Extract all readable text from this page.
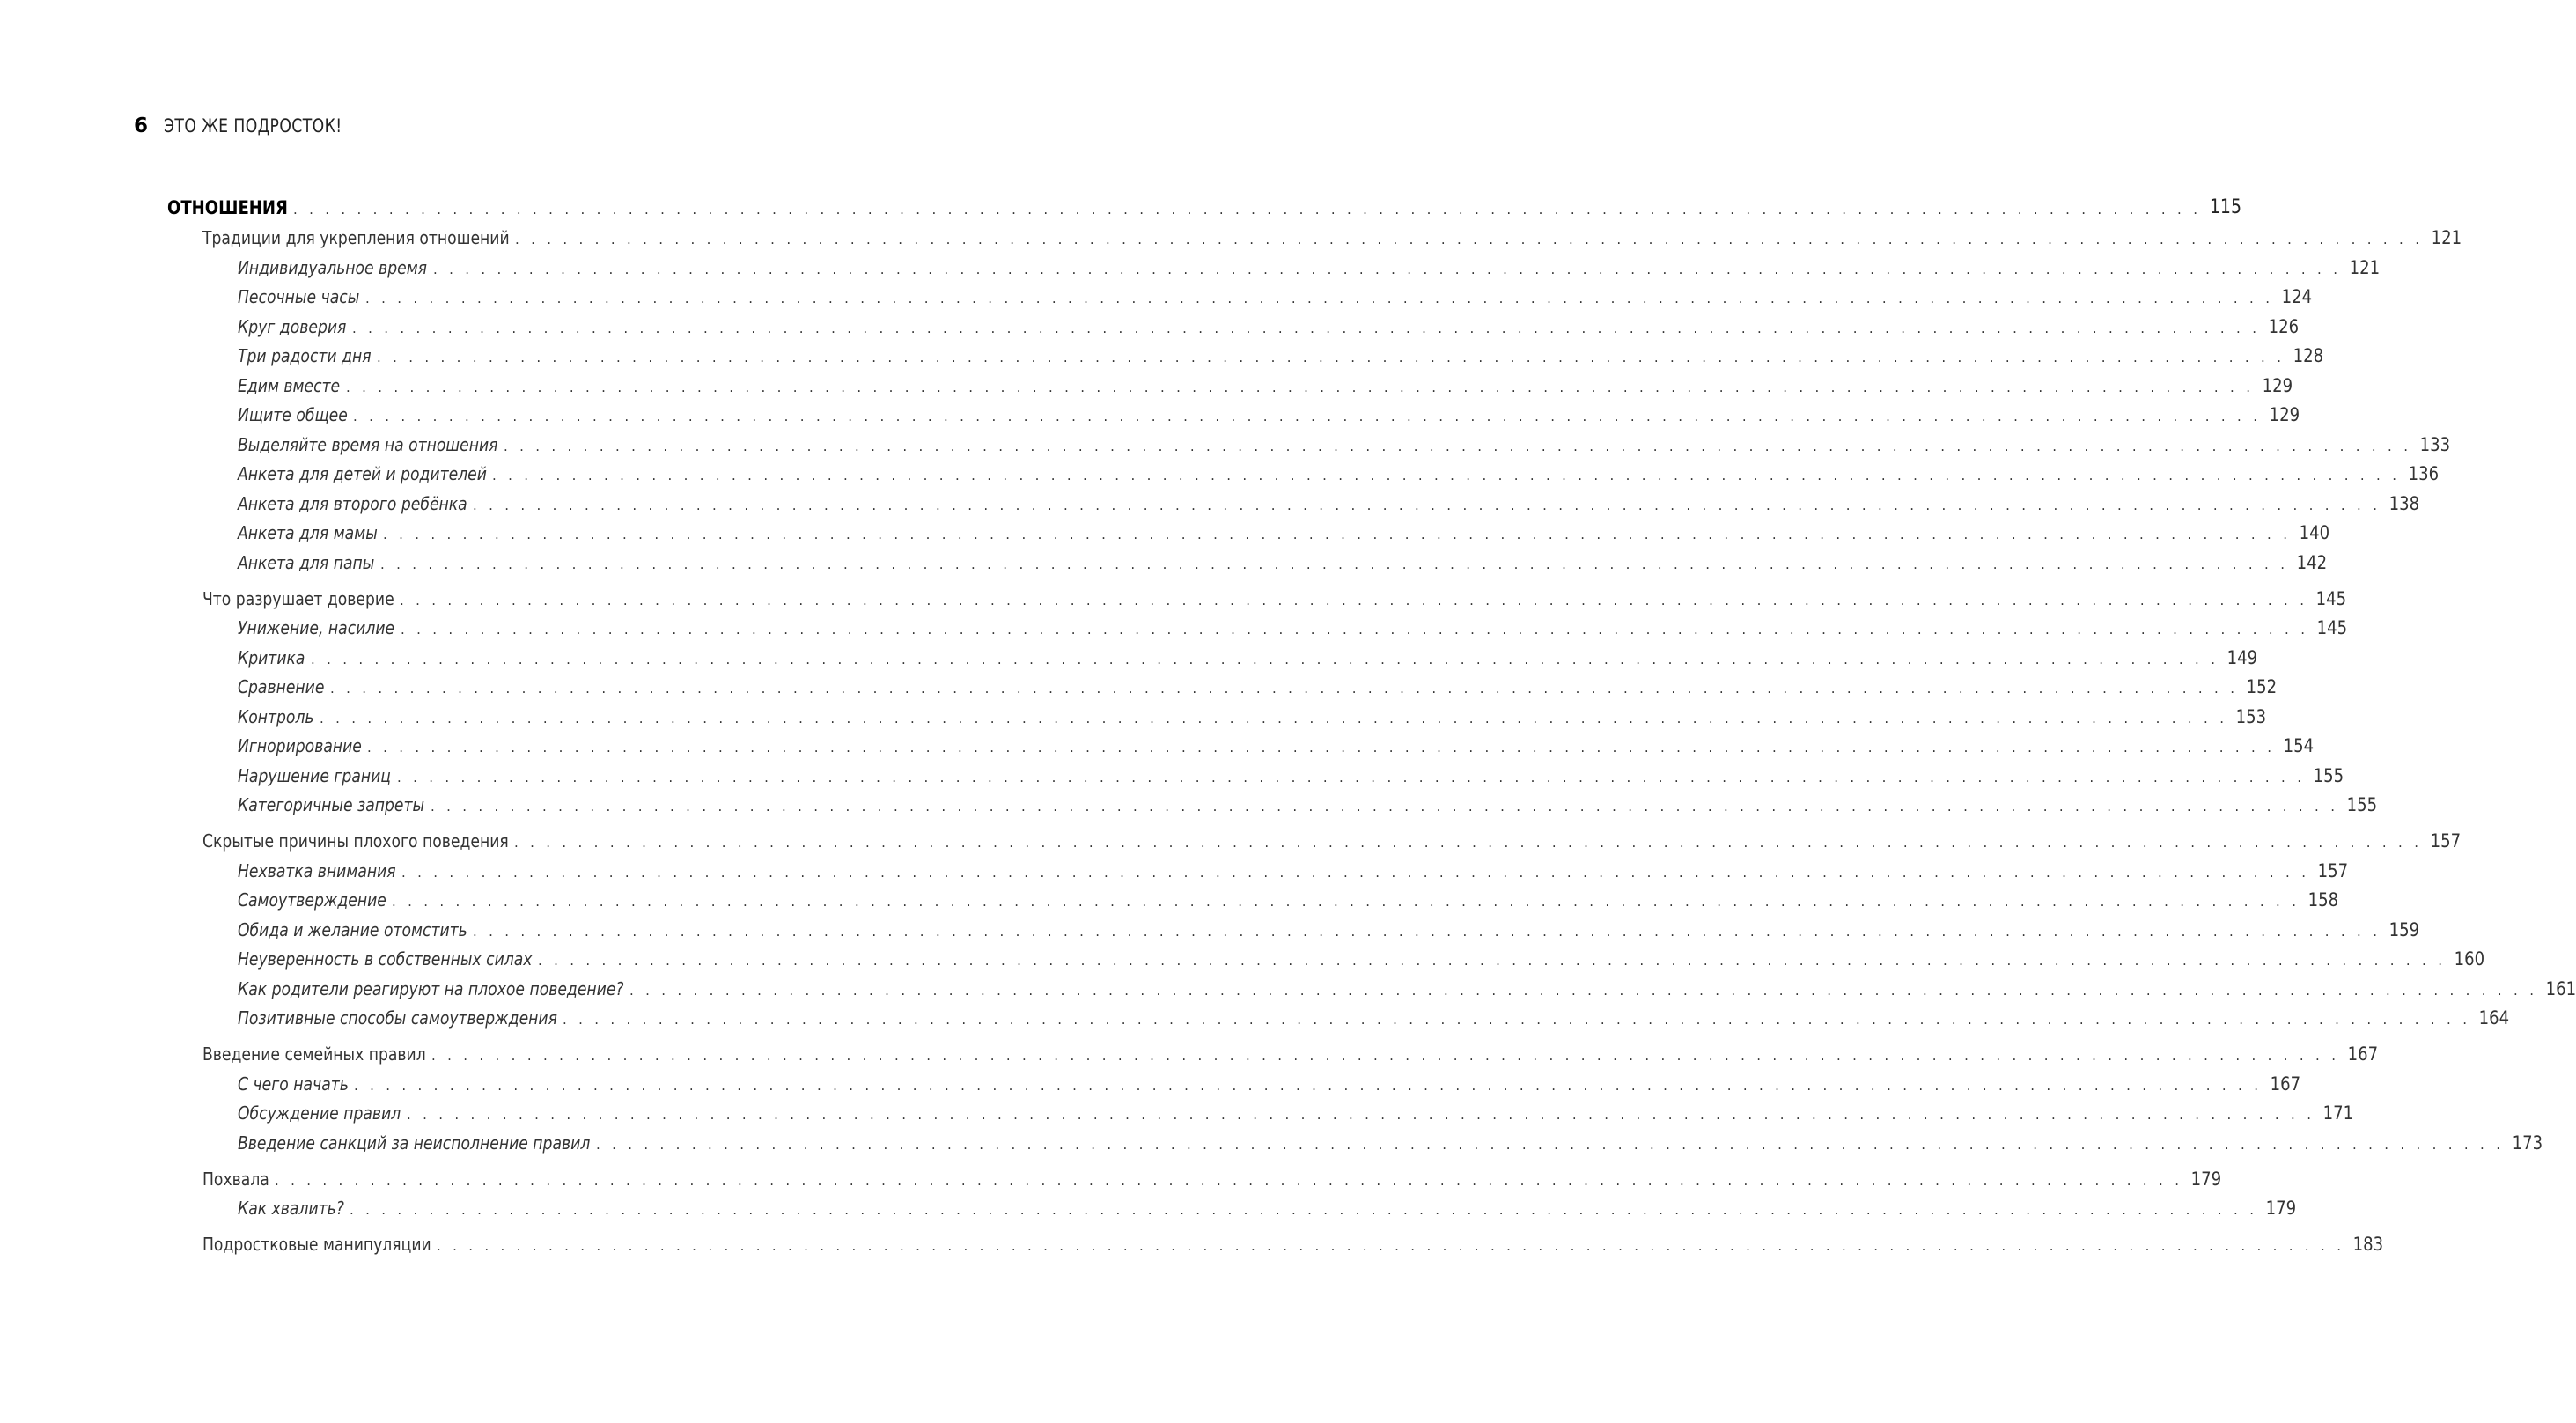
6 ЭТО ЖЕ ПОДРОСТОК!
ОТНОШЕНИЯ . . . . . . . . . . . . . . . . . . . . . . . . . . . . . . . . . . . . . . . . . . . . . . . . . . . . . . . . . . . . . . . . . . . . . . . . . . . . . . . . . . . . . . . . . . . . . . . . . . . . . . . . . . . . . . . . . . . . . . . . 115
Традиции для укрепления отношений . . . . . . . . . . . . . . . . . . . . . . . . . . . . . . . . . . . . . . . . . . . . . . . . . . . . . . . . . . . . . . . . . . . . . . . . . . . . . . . . . . . . . . . . . . . . . . . . . . . . . . . . . . . . . . . . . . . . . . . . 121
Индивидуальное время . . . . . . . . . . . . . . . . . . . . . . . . . . . . . . . . . . . . . . . . . . . . . . . . . . . . . . . . . . . . . . . . . . . . . . . . . . . . . . . . . . . . . . . . . . . . . . . . . . . . . . . . . . . . . . . . . . . . . . . . 121
Песочные часы . . . . . . . . . . . . . . . . . . . . . . . . . . . . . . . . . . . . . . . . . . . . . . . . . . . . . . . . . . . . . . . . . . . . . . . . . . . . . . . . . . . . . . . . . . . . . . . . . . . . . . . . . . . . . . . . . . . . . . . . 124
Круг доверия . . . . . . . . . . . . . . . . . . . . . . . . . . . . . . . . . . . . . . . . . . . . . . . . . . . . . . . . . . . . . . . . . . . . . . . . . . . . . . . . . . . . . . . . . . . . . . . . . . . . . . . . . . . . . . . . . . . . . . . . 126
Три радости дня . . . . . . . . . . . . . . . . . . . . . . . . . . . . . . . . . . . . . . . . . . . . . . . . . . . . . . . . . . . . . . . . . . . . . . . . . . . . . . . . . . . . . . . . . . . . . . . . . . . . . . . . . . . . . . . . . . . . . . . . 128
Едим вместе . . . . . . . . . . . . . . . . . . . . . . . . . . . . . . . . . . . . . . . . . . . . . . . . . . . . . . . . . . . . . . . . . . . . . . . . . . . . . . . . . . . . . . . . . . . . . . . . . . . . . . . . . . . . . . . . . . . . . . . . 129
Ищите общее . . . . . . . . . . . . . . . . . . . . . . . . . . . . . . . . . . . . . . . . . . . . . . . . . . . . . . . . . . . . . . . . . . . . . . . . . . . . . . . . . . . . . . . . . . . . . . . . . . . . . . . . . . . . . . . . . . . . . . . . 129
Выделяйте время на отношения . . . . . . . . . . . . . . . . . . . . . . . . . . . . . . . . . . . . . . . . . . . . . . . . . . . . . . . . . . . . . . . . . . . . . . . . . . . . . . . . . . . . . . . . . . . . . . . . . . . . . . . . . . . . . . . . . . . . . . . . 133
Анкета для детей и родителей . . . . . . . . . . . . . . . . . . . . . . . . . . . . . . . . . . . . . . . . . . . . . . . . . . . . . . . . . . . . . . . . . . . . . . . . . . . . . . . . . . . . . . . . . . . . . . . . . . . . . . . . . . . . . . . . . . . . . . . . 136
Анкета для второго ребёнка . . . . . . . . . . . . . . . . . . . . . . . . . . . . . . . . . . . . . . . . . . . . . . . . . . . . . . . . . . . . . . . . . . . . . . . . . . . . . . . . . . . . . . . . . . . . . . . . . . . . . . . . . . . . . . . . . . . . . . . . 138
Анкета для мамы . . . . . . . . . . . . . . . . . . . . . . . . . . . . . . . . . . . . . . . . . . . . . . . . . . . . . . . . . . . . . . . . . . . . . . . . . . . . . . . . . . . . . . . . . . . . . . . . . . . . . . . . . . . . . . . . . . . . . . . . 140
Анкета для папы . . . . . . . . . . . . . . . . . . . . . . . . . . . . . . . . . . . . . . . . . . . . . . . . . . . . . . . . . . . . . . . . . . . . . . . . . . . . . . . . . . . . . . . . . . . . . . . . . . . . . . . . . . . . . . . . . . . . . . . . 142
Что разрушает доверие . . . . . . . . . . . . . . . . . . . . . . . . . . . . . . . . . . . . . . . . . . . . . . . . . . . . . . . . . . . . . . . . . . . . . . . . . . . . . . . . . . . . . . . . . . . . . . . . . . . . . . . . . . . . . . . . . . . . . . . . 145
Унижение, насилие . . . . . . . . . . . . . . . . . . . . . . . . . . . . . . . . . . . . . . . . . . . . . . . . . . . . . . . . . . . . . . . . . . . . . . . . . . . . . . . . . . . . . . . . . . . . . . . . . . . . . . . . . . . . . . . . . . . . . . . . 145
Критика . . . . . . . . . . . . . . . . . . . . . . . . . . . . . . . . . . . . . . . . . . . . . . . . . . . . . . . . . . . . . . . . . . . . . . . . . . . . . . . . . . . . . . . . . . . . . . . . . . . . . . . . . . . . . . . . . . . . . . . . 149
Сравнение . . . . . . . . . . . . . . . . . . . . . . . . . . . . . . . . . . . . . . . . . . . . . . . . . . . . . . . . . . . . . . . . . . . . . . . . . . . . . . . . . . . . . . . . . . . . . . . . . . . . . . . . . . . . . . . . . . . . . . . . 152
Контроль . . . . . . . . . . . . . . . . . . . . . . . . . . . . . . . . . . . . . . . . . . . . . . . . . . . . . . . . . . . . . . . . . . . . . . . . . . . . . . . . . . . . . . . . . . . . . . . . . . . . . . . . . . . . . . . . . . . . . . . . 153
Игнорирование . . . . . . . . . . . . . . . . . . . . . . . . . . . . . . . . . . . . . . . . . . . . . . . . . . . . . . . . . . . . . . . . . . . . . . . . . . . . . . . . . . . . . . . . . . . . . . . . . . . . . . . . . . . . . . . . . . . . . . . . 154
Нарушение границ . . . . . . . . . . . . . . . . . . . . . . . . . . . . . . . . . . . . . . . . . . . . . . . . . . . . . . . . . . . . . . . . . . . . . . . . . . . . . . . . . . . . . . . . . . . . . . . . . . . . . . . . . . . . . . . . . . . . . . . . 155
Категоричные запреты . . . . . . . . . . . . . . . . . . . . . . . . . . . . . . . . . . . . . . . . . . . . . . . . . . . . . . . . . . . . . . . . . . . . . . . . . . . . . . . . . . . . . . . . . . . . . . . . . . . . . . . . . . . . . . . . . . . . . . . . 155
Скрытые причины плохого поведения . . . . . . . . . . . . . . . . . . . . . . . . . . . . . . . . . . . . . . . . . . . . . . . . . . . . . . . . . . . . . . . . . . . . . . . . . . . . . . . . . . . . . . . . . . . . . . . . . . . . . . . . . . . . . . . . . . . . . . . . 157
Нехватка внимания . . . . . . . . . . . . . . . . . . . . . . . . . . . . . . . . . . . . . . . . . . . . . . . . . . . . . . . . . . . . . . . . . . . . . . . . . . . . . . . . . . . . . . . . . . . . . . . . . . . . . . . . . . . . . . . . . . . . . . . . 157
Самоутверждение . . . . . . . . . . . . . . . . . . . . . . . . . . . . . . . . . . . . . . . . . . . . . . . . . . . . . . . . . . . . . . . . . . . . . . . . . . . . . . . . . . . . . . . . . . . . . . . . . . . . . . . . . . . . . . . . . . . . . . . . 158
Обида и желание отомстить . . . . . . . . . . . . . . . . . . . . . . . . . . . . . . . . . . . . . . . . . . . . . . . . . . . . . . . . . . . . . . . . . . . . . . . . . . . . . . . . . . . . . . . . . . . . . . . . . . . . . . . . . . . . . . . . . . . . . . . . 159
Неуверенность в собственных силах . . . . . . . . . . . . . . . . . . . . . . . . . . . . . . . . . . . . . . . . . . . . . . . . . . . . . . . . . . . . . . . . . . . . . . . . . . . . . . . . . . . . . . . . . . . . . . . . . . . . . . . . . . . . . . . . . . . . . . . . 160
Как родители реагируют на плохое поведение? . . . . . . . . . . . . . . . . . . . . . . . . . . . . . . . . . . . . . . . . . . . . . . . . . . . . . . . . . . . . . . . . . . . . . . . . . . . . . . . . . . . . . . . . . . . . . . . . . . . . . . . . . . . . . . . . . . . . . . . . 161
Позитивные способы самоутверждения . . . . . . . . . . . . . . . . . . . . . . . . . . . . . . . . . . . . . . . . . . . . . . . . . . . . . . . . . . . . . . . . . . . . . . . . . . . . . . . . . . . . . . . . . . . . . . . . . . . . . . . . . . . . . . . . . . . . . . . . 164
Введение семейных правил . . . . . . . . . . . . . . . . . . . . . . . . . . . . . . . . . . . . . . . . . . . . . . . . . . . . . . . . . . . . . . . . . . . . . . . . . . . . . . . . . . . . . . . . . . . . . . . . . . . . . . . . . . . . . . . . . . . . . . . . 167
С чего начать . . . . . . . . . . . . . . . . . . . . . . . . . . . . . . . . . . . . . . . . . . . . . . . . . . . . . . . . . . . . . . . . . . . . . . . . . . . . . . . . . . . . . . . . . . . . . . . . . . . . . . . . . . . . . . . . . . . . . . . . 167
Обсуждение правил . . . . . . . . . . . . . . . . . . . . . . . . . . . . . . . . . . . . . . . . . . . . . . . . . . . . . . . . . . . . . . . . . . . . . . . . . . . . . . . . . . . . . . . . . . . . . . . . . . . . . . . . . . . . . . . . . . . . . . . . 171
Введение санкций за неисполнение правил . . . . . . . . . . . . . . . . . . . . . . . . . . . . . . . . . . . . . . . . . . . . . . . . . . . . . . . . . . . . . . . . . . . . . . . . . . . . . . . . . . . . . . . . . . . . . . . . . . . . . . . . . . . . . . . . . . . . . . . . 173
Похвала . . . . . . . . . . . . . . . . . . . . . . . . . . . . . . . . . . . . . . . . . . . . . . . . . . . . . . . . . . . . . . . . . . . . . . . . . . . . . . . . . . . . . . . . . . . . . . . . . . . . . . . . . . . . . . . . . . . . . . . . 179
Как хвалить? . . . . . . . . . . . . . . . . . . . . . . . . . . . . . . . . . . . . . . . . . . . . . . . . . . . . . . . . . . . . . . . . . . . . . . . . . . . . . . . . . . . . . . . . . . . . . . . . . . . . . . . . . . . . . . . . . . . . . . . . 179
Подростковые манипуляции . . . . . . . . . . . . . . . . . . . . . . . . . . . . . . . . . . . . . . . . . . . . . . . . . . . . . . . . . . . . . . . . . . . . . . . . . . . . . . . . . . . . . . . . . . . . . . . . . . . . . . . . . . . . . . . . . . . . . . . . 183
